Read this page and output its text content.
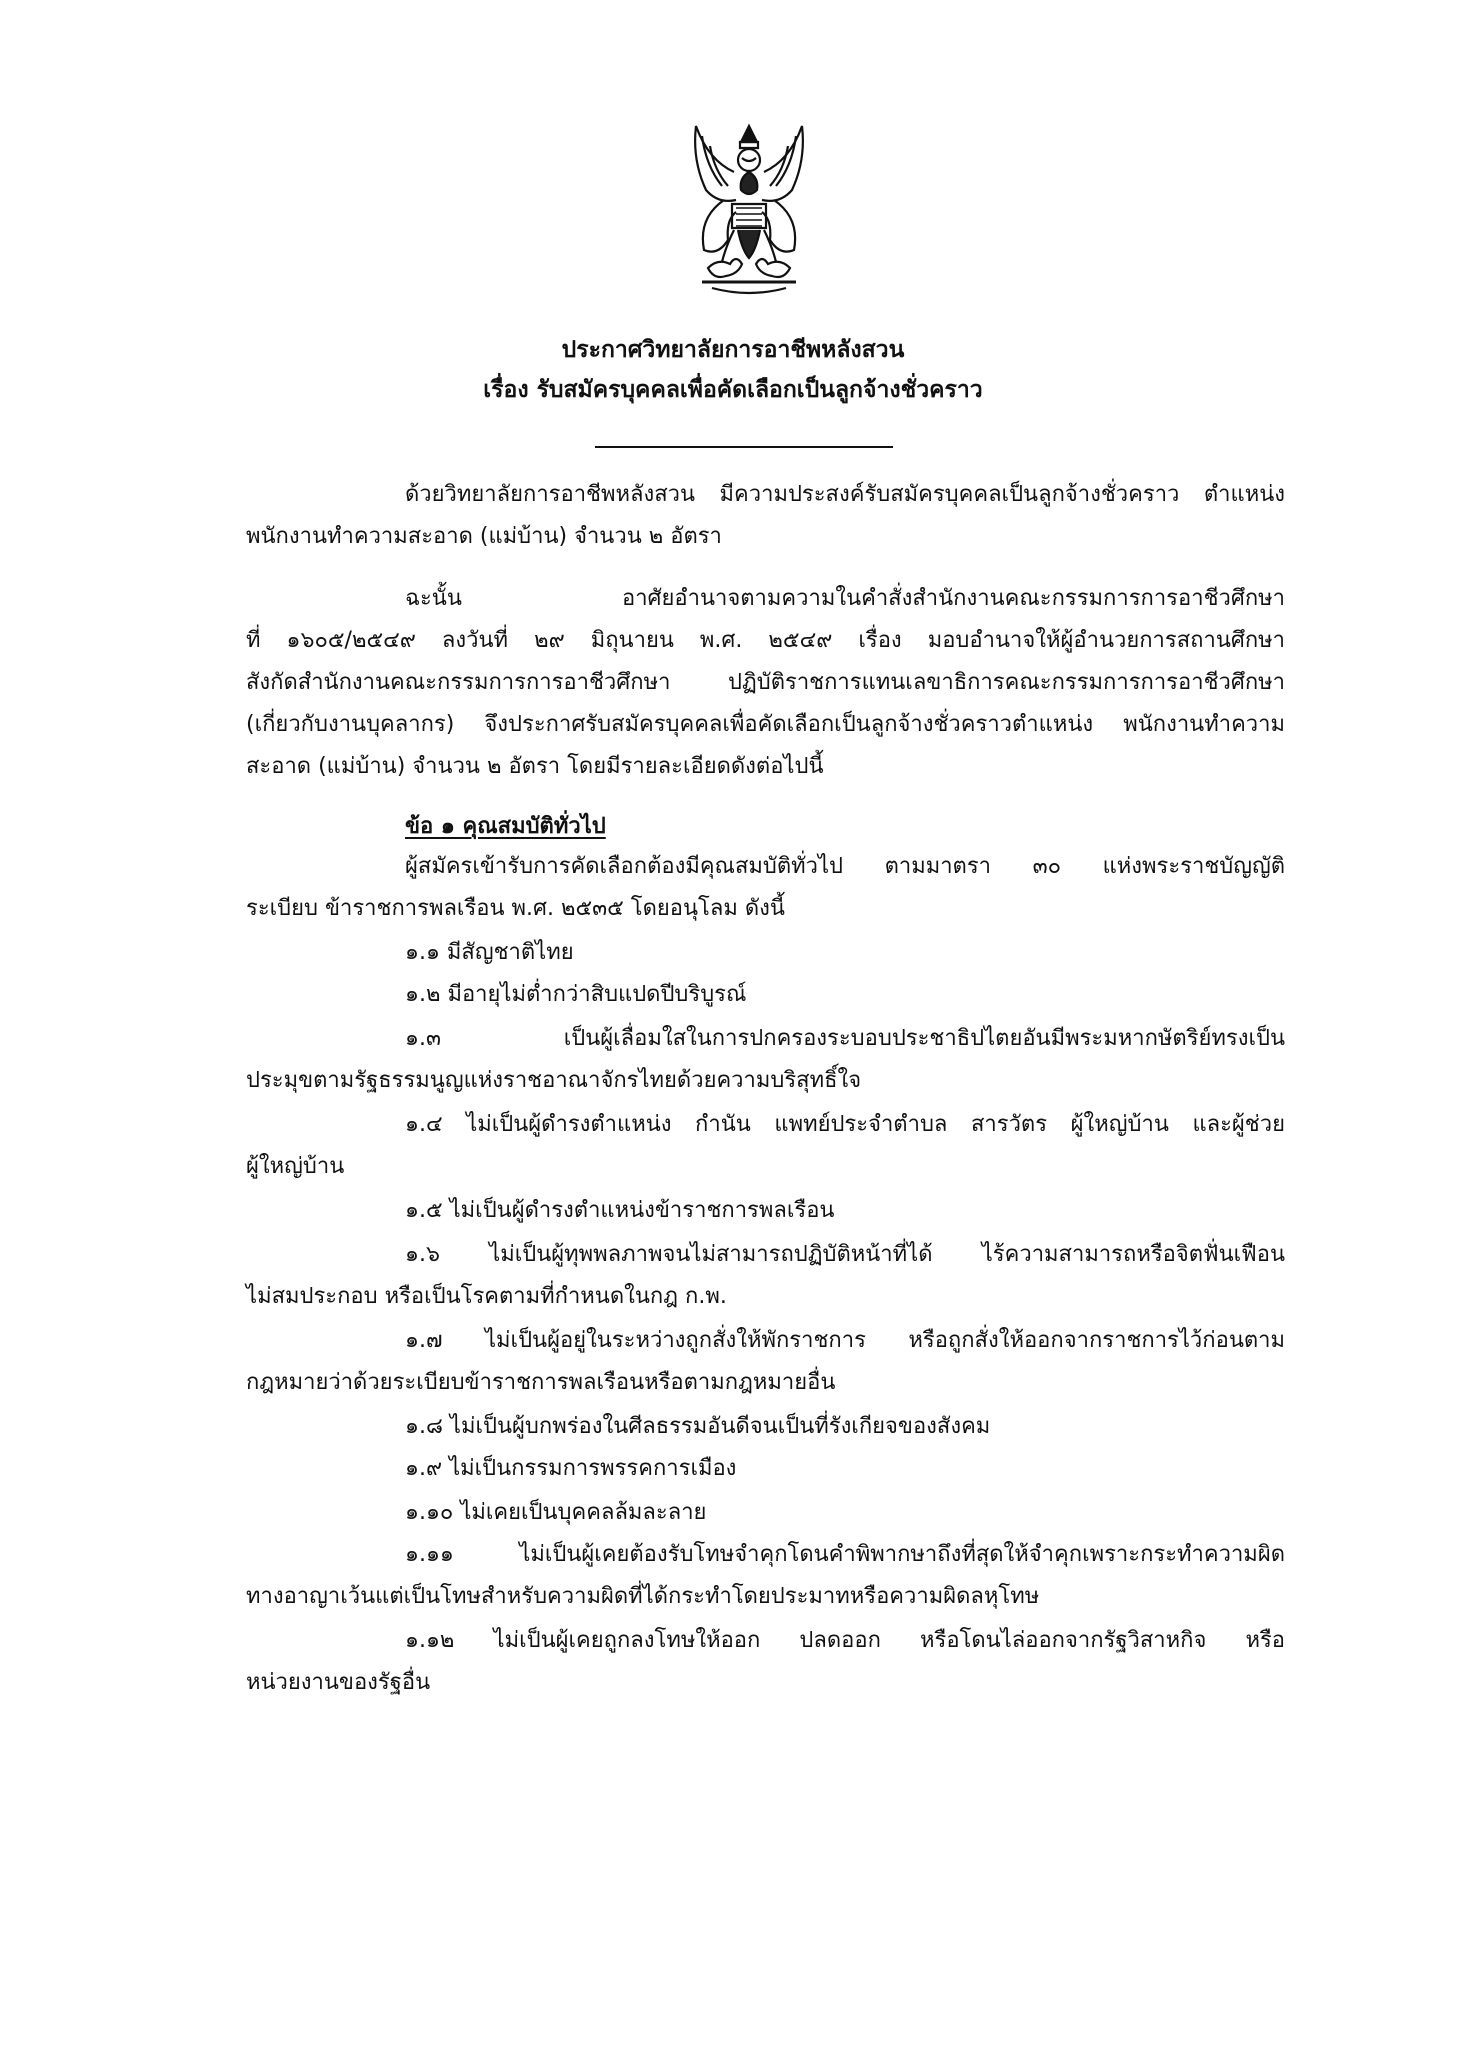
ประกาศวิทยาลัยการอาชีพหลังสวน
เรื่อง รับสมัครบุคคลเพื่อคัดเลือกเป็นลูกจ้างชั่วคราว
ด้วยวิทยาลัยการอาชีพหลังสวน มีความประสงค์รับสมัครบุคคลเป็นลูกจ้างชั่วคราว ตำแหน่ง
พนักงานทำความสะอาด (แม่บ้าน) จำนวน ๒ อัตรา
ฉะนั้น อาศัยอำนาจตามความในคำสั่งสำนักงานคณะกรรมการการอาชีวศึกษา
ที่ ๑๖๐๕/๒๕๔๙ ลงวันที่ ๒๙ มิถุนายน พ.ศ. ๒๕๔๙ เรื่อง มอบอำนาจให้ผู้อำนวยการสถานศึกษา
สังกัดสำนักงานคณะกรรมการการอาชีวศึกษา ปฏิบัติราชการแทนเลขาธิการคณะกรรมการการอาชีวศึกษา
(เกี่ยวกับงานบุคลากร) จึงประกาศรับสมัครบุคคลเพื่อคัดเลือกเป็นลูกจ้างชั่วคราวตำแหน่ง พนักงานทำความ
สะอาด (แม่บ้าน) จำนวน ๒ อัตรา โดยมีรายละเอียดดังต่อไปนี้
ข้อ ๑ คุณสมบัติทั่วไป
ผู้สมัครเข้ารับการคัดเลือกต้องมีคุณสมบัติทั่วไป ตามมาตรา ๓๐ แห่งพระราชบัญญัติ
ระเบียบ ข้าราชการพลเรือน พ.ศ. ๒๕๓๕ โดยอนุโลม ดังนี้
๑.๑ มีสัญชาติไทย
๑.๒ มีอายุไม่ต่ำกว่าสิบแปดปีบริบูรณ์
๑.๓ เป็นผู้เลื่อมใสในการปกครองระบอบประชาธิปไตยอันมีพระมหากษัตริย์ทรงเป็น
ประมุขตามรัฐธรรมนูญแห่งราชอาณาจักรไทยด้วยความบริสุทธิ์ใจ
๑.๔ ไม่เป็นผู้ดำรงตำแหน่ง กำนัน แพทย์ประจำตำบล สารวัตร ผู้ใหญ่บ้าน และผู้ช่วย
ผู้ใหญ่บ้าน
๑.๕ ไม่เป็นผู้ดำรงตำแหน่งข้าราชการพลเรือน
๑.๖ ไม่เป็นผู้ทุพพลภาพจนไม่สามารถปฏิบัติหน้าที่ได้ ไร้ความสามารถหรือจิตฟั่นเฟือน
ไม่สมประกอบ หรือเป็นโรคตามที่กำหนดในกฎ ก.พ.
๑.๗ ไม่เป็นผู้อยู่ในระหว่างถูกสั่งให้พักราชการ หรือถูกสั่งให้ออกจากราชการไว้ก่อนตาม
กฎหมายว่าด้วยระเบียบข้าราชการพลเรือนหรือตามกฎหมายอื่น
๑.๘ ไม่เป็นผู้บกพร่องในศีลธรรมอันดีจนเป็นที่รังเกียจของสังคม
๑.๙ ไม่เป็นกรรมการพรรคการเมือง
๑.๑๐ ไม่เคยเป็นบุคคลล้มละลาย
๑.๑๑ ไม่เป็นผู้เคยต้องรับโทษจำคุกโดนคำพิพากษาถึงที่สุดให้จำคุกเพราะกระทำความผิด
ทางอาญาเว้นแต่เป็นโทษสำหรับความผิดที่ได้กระทำโดยประมาทหรือความผิดลหุโทษ
๑.๑๒ ไม่เป็นผู้เคยถูกลงโทษให้ออก ปลดออก หรือโดนไล่ออกจากรัฐวิสาหกิจ หรือ
หน่วยงานของรัฐอื่น
